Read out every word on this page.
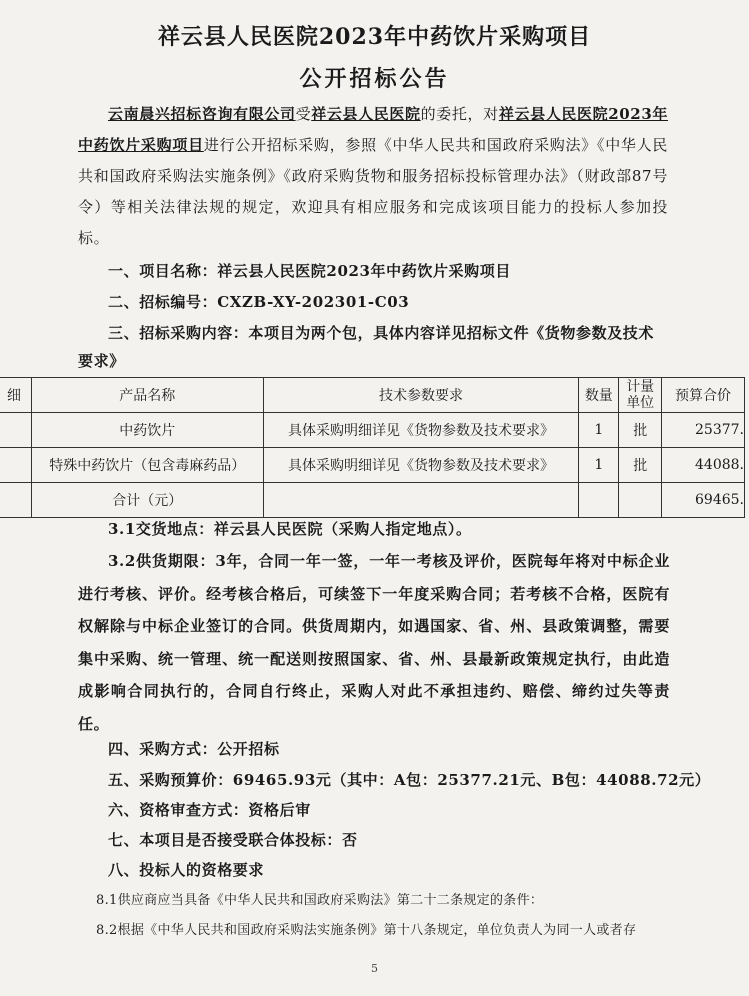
祥云县人民医院2023年中药饮片采购项目
公开招标公告
云南晨兴招标咨询有限公司受祥云县人民医院的委托，对祥云县人民医院2023年中药饮片采购项目进行公开招标采购，参照《中华人民共和国政府采购法》《中华人民共和国政府采购法实施条例》《政府采购货物和服务招标投标管理办法》（财政部87号令）等相关法律法规的规定，欢迎具有相应服务和完成该项目能力的投标人参加投标。
一、项目名称：祥云县人民医院2023年中药饮片采购项目
二、招标编号：CXZB-XY-202301-C03
三、招标采购内容：本项目为两个包，具体内容详见招标文件《货物参数及技术
要求》
细	产品名称	技术参数要求	数量	计量单位	预算合价
	中药饮片	具体采购明细详见《货物参数及技术要求》	1	批	25377.
	特殊中药饮片（包含毒麻药品）	具体采购明细详见《货物参数及技术要求》	1	批	44088.
	合计（元）				69465.
3.1交货地点：祥云县人民医院（采购人指定地点）。
3.2供货期限：3年，合同一年一签，一年一考核及评价，医院每年将对中标企业进行考核、评价。经考核合格后，可续签下一年度采购合同；若考核不合格，医院有权解除与中标企业签订的合同。供货周期内，如遇国家、省、州、县政策调整，需要集中采购、统一管理、统一配送则按照国家、省、州、县最新政策规定执行，由此造成影响合同执行的，合同自行终止，采购人对此不承担违约、赔偿、缔约过失等责任。
四、采购方式：公开招标
五、采购预算价：69465.93元（其中：A包：25377.21元、B包：44088.72元）
六、资格审查方式：资格后审
七、本项目是否接受联合体投标：否
八、投标人的资格要求
8.1供应商应当具备《中华人民共和国政府采购法》第二十二条规定的条件：
8.2根据《中华人民共和国政府采购法实施条例》第十八条规定，单位负责人为同一人或者存
5
